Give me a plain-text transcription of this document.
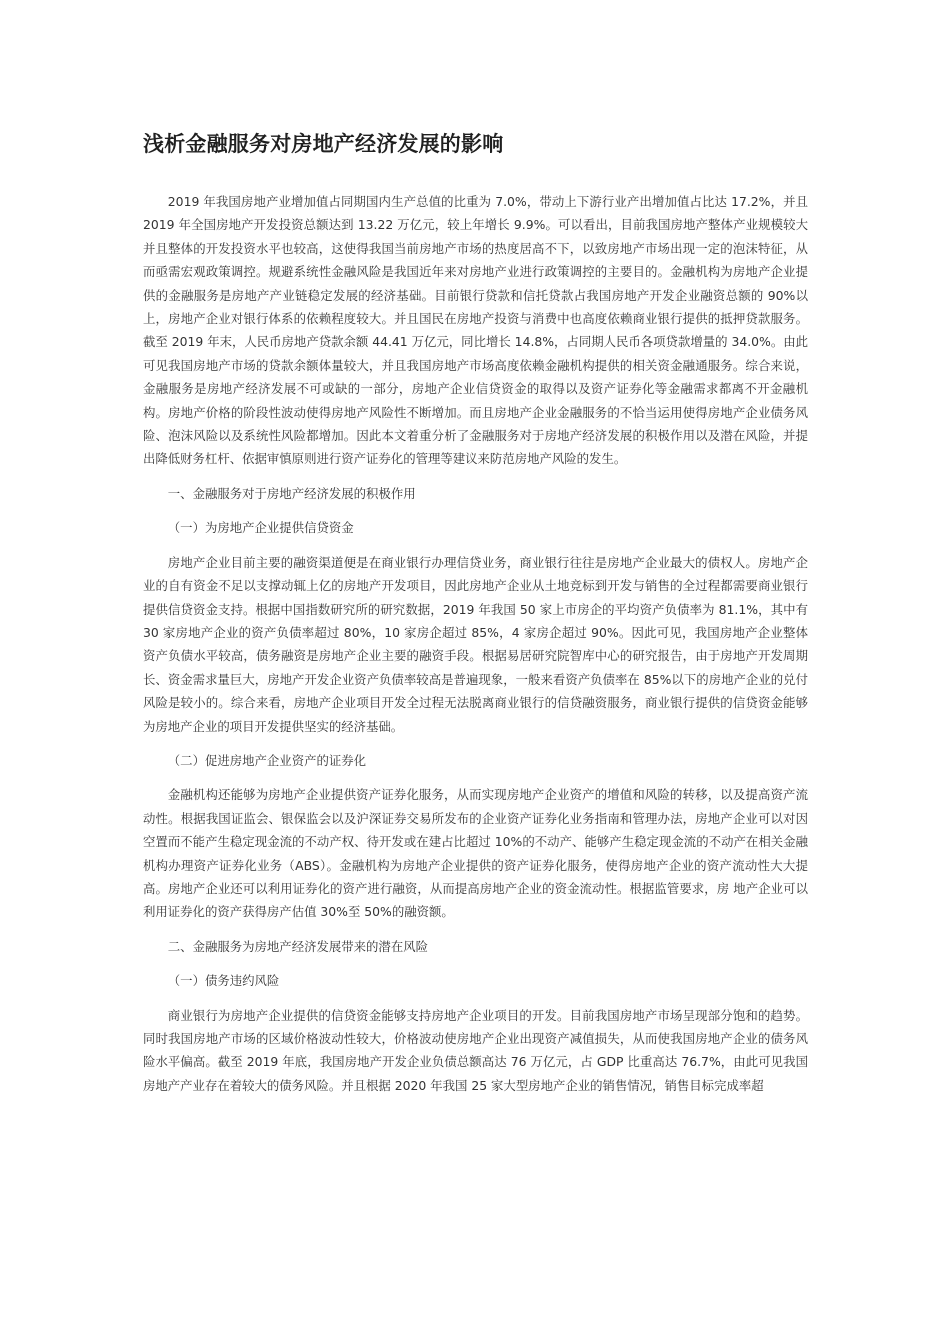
浅析金融服务对房地产经济发展的影响

2019 年我国房地产业增加值占同期国内生产总值的比重为 7.0%，带动上下游行业产出增加值占比达 17.2%，并且 2019 年全国房地产开发投资总额达到 13.22 万亿元，较上年增长 9.9%。可以看出，目前我国房地产整体产业规模较大并且整体的开发投资水平也较高，这使得我国当前房地产市场的热度居高不下，以致房地产市场出现一定的泡沫特征，从而亟需宏观政策调控。规避系统性金融风险是我国近年来对房地产业进行政策调控的主要目的。金融机构为房地产企业提供的金融服务是房地产产业链稳定发展的经济基础。目前银行贷款和信托贷款占我国房地产开发企业融资总额的 90%以上，房地产企业对银行体系的依赖程度较大。并且国民在房地产投资与消费中也高度依赖商业银行提供的抵押贷款服务。截至 2019 年末，人民币房地产贷款余额 44.41 万亿元，同比增长 14.8%，占同期人民币各项贷款增量的 34.0%。由此可见我国房地产市场的贷款余额体量较大，并且我国房地产市场高度依赖金融机构提供的相关资金融通服务。综合来说，金融服务是房地产经济发展不可或缺的一部分，房地产企业信贷资金的取得以及资产证券化等金融需求都离不开金融机构。房地产价格的阶段性波动使得房地产风险性不断增加。而且房地产企业金融服务的不恰当运用使得房地产企业债务风险、泡沫风险以及系统性风险都增加。因此本文着重分析了金融服务对于房地产经济发展的积极作用以及潜在风险，并提出降低财务杠杆、依据审慎原则进行资产证券化的管理等建议来防范房地产风险的发生。

一、金融服务对于房地产经济发展的积极作用

（一）为房地产企业提供信贷资金

房地产企业目前主要的融资渠道便是在商业银行办理信贷业务，商业银行往往是房地产企业最大的债权人。房地产企业的自有资金不足以支撑动辄上亿的房地产开发项目，因此房地产企业从土地竞标到开发与销售的全过程都需要商业银行提供信贷资金支持。根据中国指数研究所的研究数据，2019 年我国 50 家上市房企的平均资产负债率为 81.1%，其中有 30 家房地产企业的资产负债率超过 80%，10 家房企超过 85%，4 家房企超过 90%。因此可见，我国房地产企业整体资产负债水平较高，债务融资是房地产企业主要的融资手段。根据易居研究院智库中心的研究报告，由于房地产开发周期长、资金需求量巨大，房地产开发企业资产负债率较高是普遍现象，一般来看资产负债率在 85%以下的房地产企业的兑付风险是较小的。综合来看，房地产企业项目开发全过程无法脱离商业银行的信贷融资服务，商业银行提供的信贷资金能够为房地产企业的项目开发提供坚实的经济基础。

（二）促进房地产企业资产的证券化

金融机构还能够为房地产企业提供资产证券化服务，从而实现房地产企业资产的增值和风险的转移，以及提高资产流动性。根据我国证监会、银保监会以及沪深证券交易所发布的企业资产证券化业务指南和管理办法，房地产企业可以对因空置而不能产生稳定现金流的不动产权、待开发或在建占比超过 10%的不动产、能够产生稳定现金流的不动产在相关金融机构办理资产证券化业务（ABS）。金融机构为房地产企业提供的资产证券化服务，使得房地产企业的资产流动性大大提高。房地产企业还可以利用证券化的资产进行融资，从而提高房地产企业的资金流动性。根据监管要求，房 地产企业可以利用证券化的资产获得房产估值 30%至 50%的融资额。

二、金融服务为房地产经济发展带来的潜在风险

（一）债务违约风险

商业银行为房地产企业提供的信贷资金能够支持房地产企业项目的开发。目前我国房地产市场呈现部分饱和的趋势。同时我国房地产市场的区域价格波动性较大，价格波动使房地产企业出现资产减值损失，从而使我国房地产企业的债务风险水平偏高。截至 2019 年底，我国房地产开发企业负债总额高达 76 万亿元，占 GDP 比重高达 76.7%，由此可见我国房地产产业存在着较大的债务风险。并且根据 2020 年我国 25 家大型房地产企业的销售情况，销售目标完成率超
